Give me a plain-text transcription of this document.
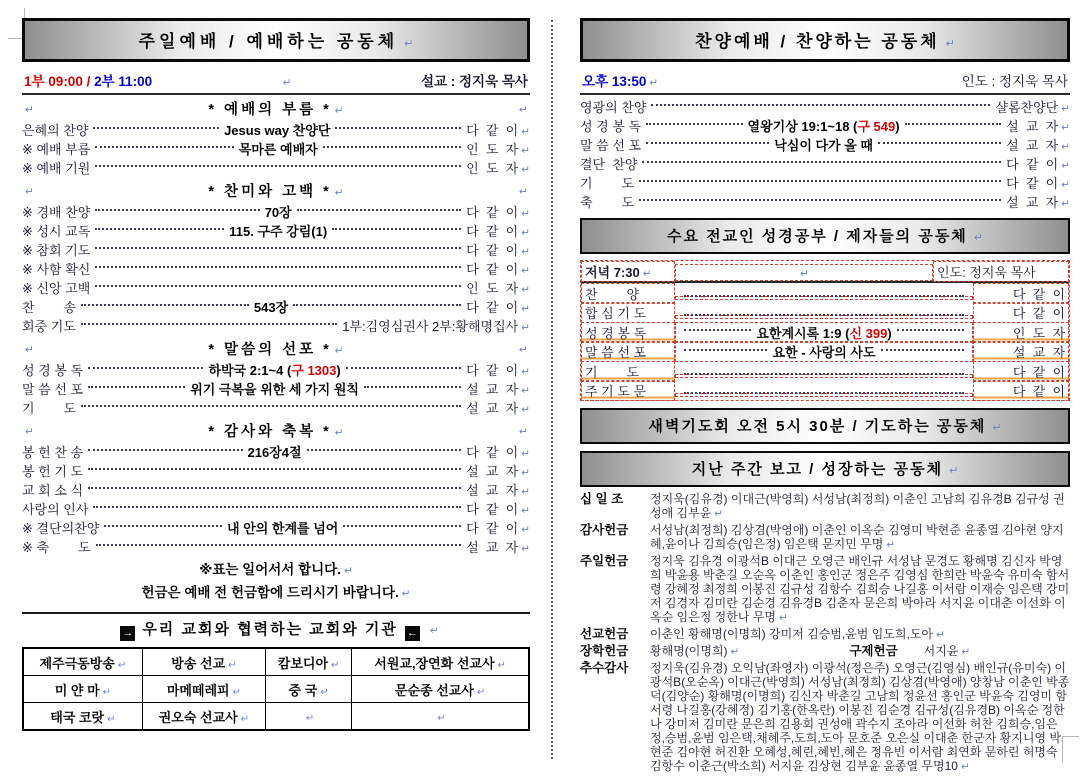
주일예배 / 예배하는 공동체 ↵
1부 09:00 / 2부 11:00 ↵	설교 : 정지욱 목사
↵
* 예배의 부름 * ↵
↵
은혜의 찬양	Jesus way 찬양단	다  같  이 ↵
※ 예배 부름	목마른 예배자	인  도  자 ↵
※ 예배 기원	인  도  자 ↵
↵
* 찬미와 고백 * ↵
↵
※ 경배 찬양	70장	다  같  이 ↵
※ 성시 교독	115. 구주 강림(1)	다  같  이 ↵
※ 참회 기도	다  같  이 ↵
※ 사함 확신	다  같  이 ↵
※ 신앙 고백	인  도  자 ↵
찬        송	543장	다  같  이 ↵
회중 기도	1부:김영심권사 2부:황해명집사 ↵
↵
* 말씀의 선포 * ↵
↵
성 경 봉 독	하박국 2:1~4 (구 1303)	다  같  이 ↵
말 씀 선 포	위기 극복을 위한 세 가지 원칙	설  교  자 ↵
기        도	설  교  자 ↵
↵
* 감사와 축복 * ↵
↵
봉 헌 찬 송	216장4절	다  같  이 ↵
봉 헌 기 도	설  교  자 ↵
교 회 소 식	설  교  자 ↵
사랑의 인사	다  같  이 ↵
※ 결단의찬양	내 안의 한계를 넘어	다  같  이 ↵
※ 축        도	설  교  자 ↵
※표는 일어서서 합니다. ↵
헌금은 예배 전 헌금함에 드리시기 바랍니다. ↵
→ 우리 교회와 협력하는 교회와 기관 ← ↵
제주극동방송 ↵	방송 선교 ↵	캄보디아 ↵	서원교,장연화 선교사 ↵
미 얀 마 ↵	마메떼레피 ↵	중 국 ↵	문순종 선교사 ↵
태국 코랏 ↵	권오숙 선교사 ↵	↵	↵
찬양예배 / 찬양하는 공동체 ↵
오후 13:50 ↵	인도 : 정지욱 목사
영광의 찬양	샬롬찬양단 ↵
성 경 봉 독	열왕기상 19:1~18 (구 549)	설  교  자 ↵
말 씀 선 포	낙심이 다가 올 때	설  교  자 ↵
결단  찬양	다  같  이 ↵
기        도	다  같  이 ↵
축        도	설  교  자 ↵
수요 전교인 성경공부 / 제자들의 공동체 ↵
저녁 7:30 ↵ ↵	인도: 정지욱 목사
찬        양	다  같  이
합 심 기 도	다  같  이
성 경 봉 독	요한계시록 1:9 (신 399)	인  도  자
말 씀 선 포	요한 - 사랑의 사도	설  교  자
기        도	다  같  이
주 기 도 문	다  같  이
새벽기도회 오전 5시 30분 / 기도하는 공동체 ↵
지난 주간 보고 / 성장하는 공동체 ↵
십 일 조 정지욱(김유경) 이대근(박영희) 서성남(최정희) 이춘인 고남희 김유경B 김규성 권성애 김부윤 ↵
감사헌금 서성남(최정희) 김상겸(박영애) 이춘인 이옥순 김영미 박현준 윤종열 김아현 양지혜,윤이나 김희승(임은정) 임은택 문지민 무명 ↵
주일헌금 정지욱 김유경 이광석B 이대근 오영근 배인규 서성남 문경도 황해명 김신자 박영희 박윤용 박춘길 오순옥 이춘인 홍인군 정은주 김영심 한희란 박윤숙 유미숙 함서령 강혜정 최정희 이봉진 김규성 김항수 김희승 나길홍 이서람 이재승 임은택 강미저 김경자 김미란 김순경 김유경B 김춘자 문은희 박아라 서지윤 이대춘 이선화 이옥순 임은정 정한나 무명 ↵
선교헌금 이춘인 황해명(이명희) 강미저 김승범,윤범 임도희,도아 ↵
장학헌금 황해명(이명희) ↵	구제헌금 서지윤 ↵
추수감사 정지욱(김유경) 오익남(좌영자) 이광석(정은주) 오영근(김영심) 배인규(유미숙) 이광석B(오순옥) 이대근(박영희) 서성남(최정희) 김상겸(박영애) 양창남 이춘인 박종덕(김양순) 황해명(이명희) 김신자 박춘길 고남희 정윤선 홍인군 박윤숙 김영미 함서령 나길홍(강혜정) 김기홍(한옥란) 이봉진 김순경 김규성(김유경B) 이옥순 정한나 강미저 김미란 문은희 김용회 권성애 곽수지 조아라 이선화 허찬 김희승,임은정,승범,윤범 임은택,채혜주,도희,도아 문호준 오은실 이대춘 한군자 황지니영 박현준 김아현 허진환 오혜성,혜린,혜빈,혜은 정유빈 이서람 최연화 문하린 허명숙 김항수 이춘근(박소희) 서지윤 김상현 김부윤 윤종열 무명10 ↵
